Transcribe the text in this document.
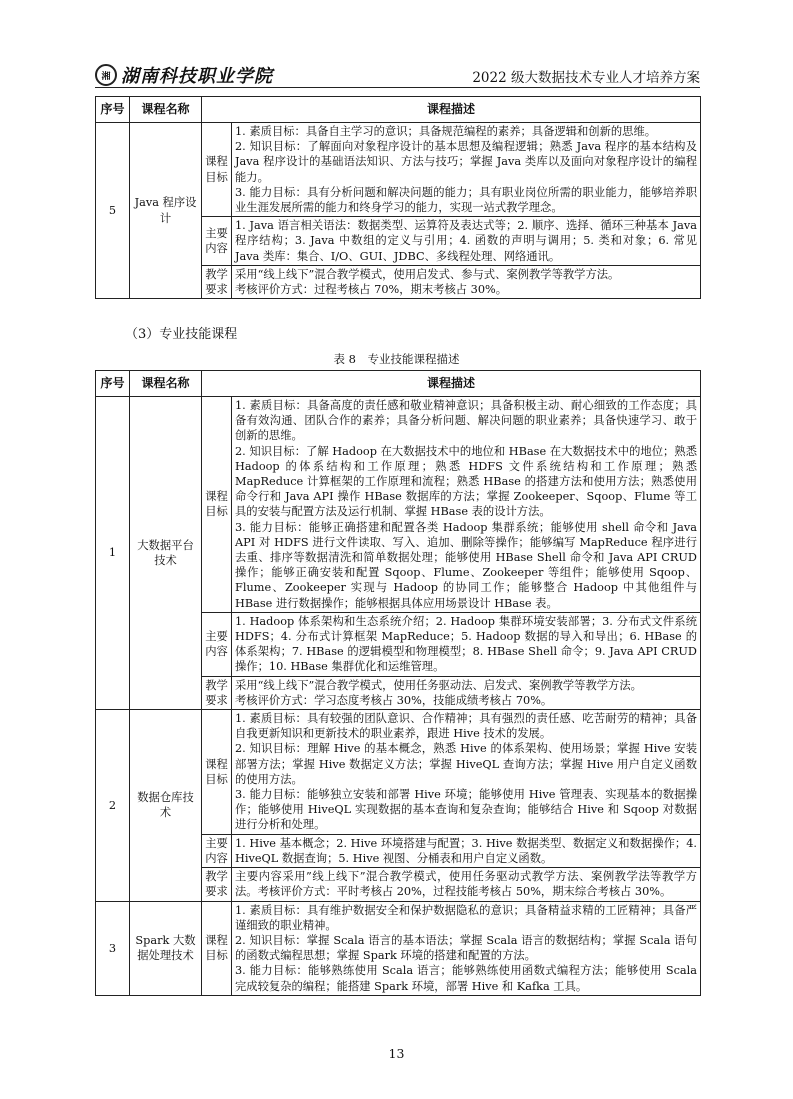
湘 湖南科技职业学院	2022 级大数据技术专业人才培养方案
序号	课程名称	课程描述	
5	Java 程序设计	课程目标	1. 素质目标：具备自主学习的意识；具备规范编程的素养；具备逻辑和创新的思维。

2. 知识目标：了解面向对象程序设计的基本思想及编程逻辑；熟悉 Java 程序的基本结构及 Java 程序设计的基础语法知识、方法与技巧；掌握 Java 类库以及面向对象程序设计的编程能力。

3. 能力目标：具有分析问题和解决问题的能力；具有职业岗位所需的职业能力，能够培养职业生涯发展所需的能力和终身学习的能力，实现一站式教学理念。

		主要内容	1. Java 语言相关语法：数据类型、运算符及表达式等；2. 顺序、选择、循环三种基本 Java 程序结构；3. Java 中数组的定义与引用；4. 函数的声明与调用；5. 类和对象；6. 常见 Java 类库：集合、I/O、GUI、JDBC、多线程处理、网络通讯。
		教学要求	采用“线上线下”混合教学模式，使用启发式、参与式、案例教学等教学方法。

考核评价方式：过程考核占 70%，期末考核占 30%。

（3）专业技能课程
表 8　专业技能课程描述
序号	课程名称	课程描述	
1	大数据平台技术	课程目标	1. 素质目标：具备高度的责任感和敬业精神意识；具备积极主动、耐心细致的工作态度；具备有效沟通、团队合作的素养；具备分析问题、解决问题的职业素养；具备快速学习、敢于创新的思维。

2. 知识目标：了解 Hadoop 在大数据技术中的地位和 HBase 在大数据技术中的地位；熟悉 Hadoop 的体系结构和工作原理；熟悉 HDFS 文件系统结构和工作原理；熟悉 MapReduce 计算框架的工作原理和流程；熟悉 HBase 的搭建方法和使用方法；熟悉使用命令行和 Java API 操作 HBase 数据库的方法；掌握 Zookeeper、Sqoop、Flume 等工具的安装与配置方法及运行机制、掌握 HBase 表的设计方法。

3. 能力目标：能够正确搭建和配置各类 Hadoop 集群系统；能够使用 shell 命令和 Java API 对 HDFS 进行文件读取、写入、追加、删除等操作；能够编写 MapReduce 程序进行去重、排序等数据清洗和简单数据处理；能够使用 HBase Shell 命令和 Java API CRUD 操作；能够正确安装和配置 Sqoop、Flume、Zookeeper 等组件；能够使用 Sqoop、Flume、Zookeeper 实现与 Hadoop 的协同工作；能够整合 Hadoop 中其他组件与 HBase 进行数据操作；能够根据具体应用场景设计 HBase 表。

		主要内容	1. Hadoop 体系架构和生态系统介绍；2. Hadoop 集群环境安装部署；3. 分布式文件系统 HDFS；4. 分布式计算框架 MapReduce；5. Hadoop 数据的导入和导出；6. HBase 的体系架构；7. HBase 的逻辑模型和物理模型；8. HBase Shell 命令；9. Java API CRUD 操作；10. HBase 集群优化和运维管理。
		教学要求	采用“线上线下”混合教学模式，使用任务驱动法、启发式、案例教学等教学方法。

考核评价方式：学习态度考核占 30%，技能成绩考核占 70%。

2	数据仓库技术	课程目标	1. 素质目标：具有较强的团队意识、合作精神；具有强烈的责任感、吃苦耐劳的精神；具备自我更新知识和更新技术的职业素养，跟进 Hive 技术的发展。

2. 知识目标：理解 Hive 的基本概念，熟悉 Hive 的体系架构、使用场景；掌握 Hive 安装部署方法；掌握 Hive 数据定义方法；掌握 HiveQL 查询方法；掌握 Hive 用户自定义函数的使用方法。

3. 能力目标：能够独立安装和部署 Hive 环境；能够使用 Hive 管理表、实现基本的数据操作；能够使用 HiveQL 实现数据的基本查询和复杂查询；能够结合 Hive 和 Sqoop 对数据进行分析和处理。

		主要内容	1. Hive 基本概念；2. Hive 环境搭建与配置；3. Hive 数据类型、数据定义和数据操作；4. HiveQL 数据查询；5. Hive 视图、分桶表和用户自定义函数。
		教学要求	主要内容采用”线上线下”混合教学模式，使用任务驱动式教学方法、案例教学法等教学方法。考核评价方式：平时考核占 20%，过程技能考核占 50%，期末综合考核占 30%。
3	Spark 大数据处理技术	课程目标	1. 素质目标：具有维护数据安全和保护数据隐私的意识；具备精益求精的工匠精神；具备严谨细致的职业精神。

2. 知识目标：掌握 Scala 语言的基本语法；掌握 Scala 语言的数据结构；掌握 Scala 语句的函数式编程思想；掌握 Spark 环境的搭建和配置的方法。

3. 能力目标：能够熟练使用 Scala 语言；能够熟练使用函数式编程方法；能够使用 Scala 完成较复杂的编程；能搭建 Spark 环境，部署 Hive 和 Kafka 工具。

13
